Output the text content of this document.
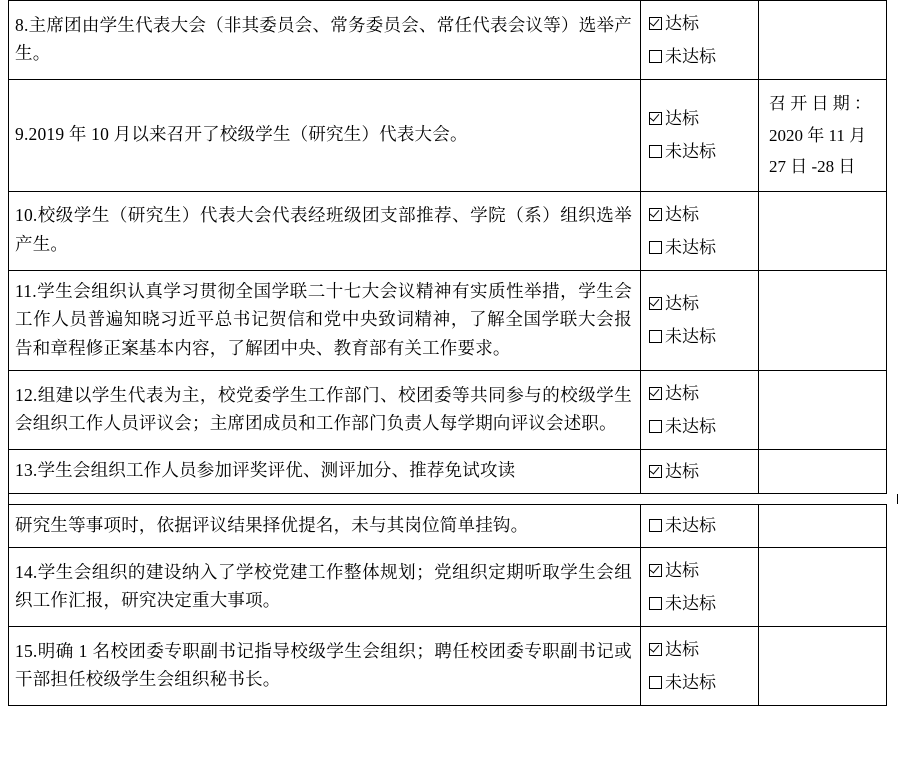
8.主席团由学生代表大会（非其委员会、常务委员会、常任代表会议等）选举产生。	达标
未达标	

9.2019 年 10 月以来召开了校级学生（研究生）代表大会。	达标
未达标	召 开 日 期 ：
2020 年 11 月
27 日 -28 日

10.校级学生（研究生）代表大会代表经班级团支部推荐、学院（系）组织选举产生。	达标
未达标	

11.学生会组织认真学习贯彻全国学联二十七大会议精神有实质性举措，学生会工作人员普遍知晓习近平总书记贺信和党中央致词精神，了解全国学联大会报告和章程修正案基本内容，了解团中央、教育部有关工作要求。	达标
未达标	

12.组建以学生代表为主，校党委学生工作部门、校团委等共同参与的校级学生会组织工作人员评议会；主席团成员和工作部门负责人每学期向评议会述职。	达标
未达标	

13.学生会组织工作人员参加评奖评优、测评加分、推荐免试攻读	达标	

研究生等事项时，依据评议结果择优提名，未与其岗位简单挂钩。	未达标	

14.学生会组织的建设纳入了学校党建工作整体规划；党组织定期听取学生会组织工作汇报，研究决定重大事项。	达标
未达标	

15.明确 1 名校团委专职副书记指导校级学生会组织；聘任校团委专职副书记或干部担任校级学生会组织秘书长。	达标
未达标	
